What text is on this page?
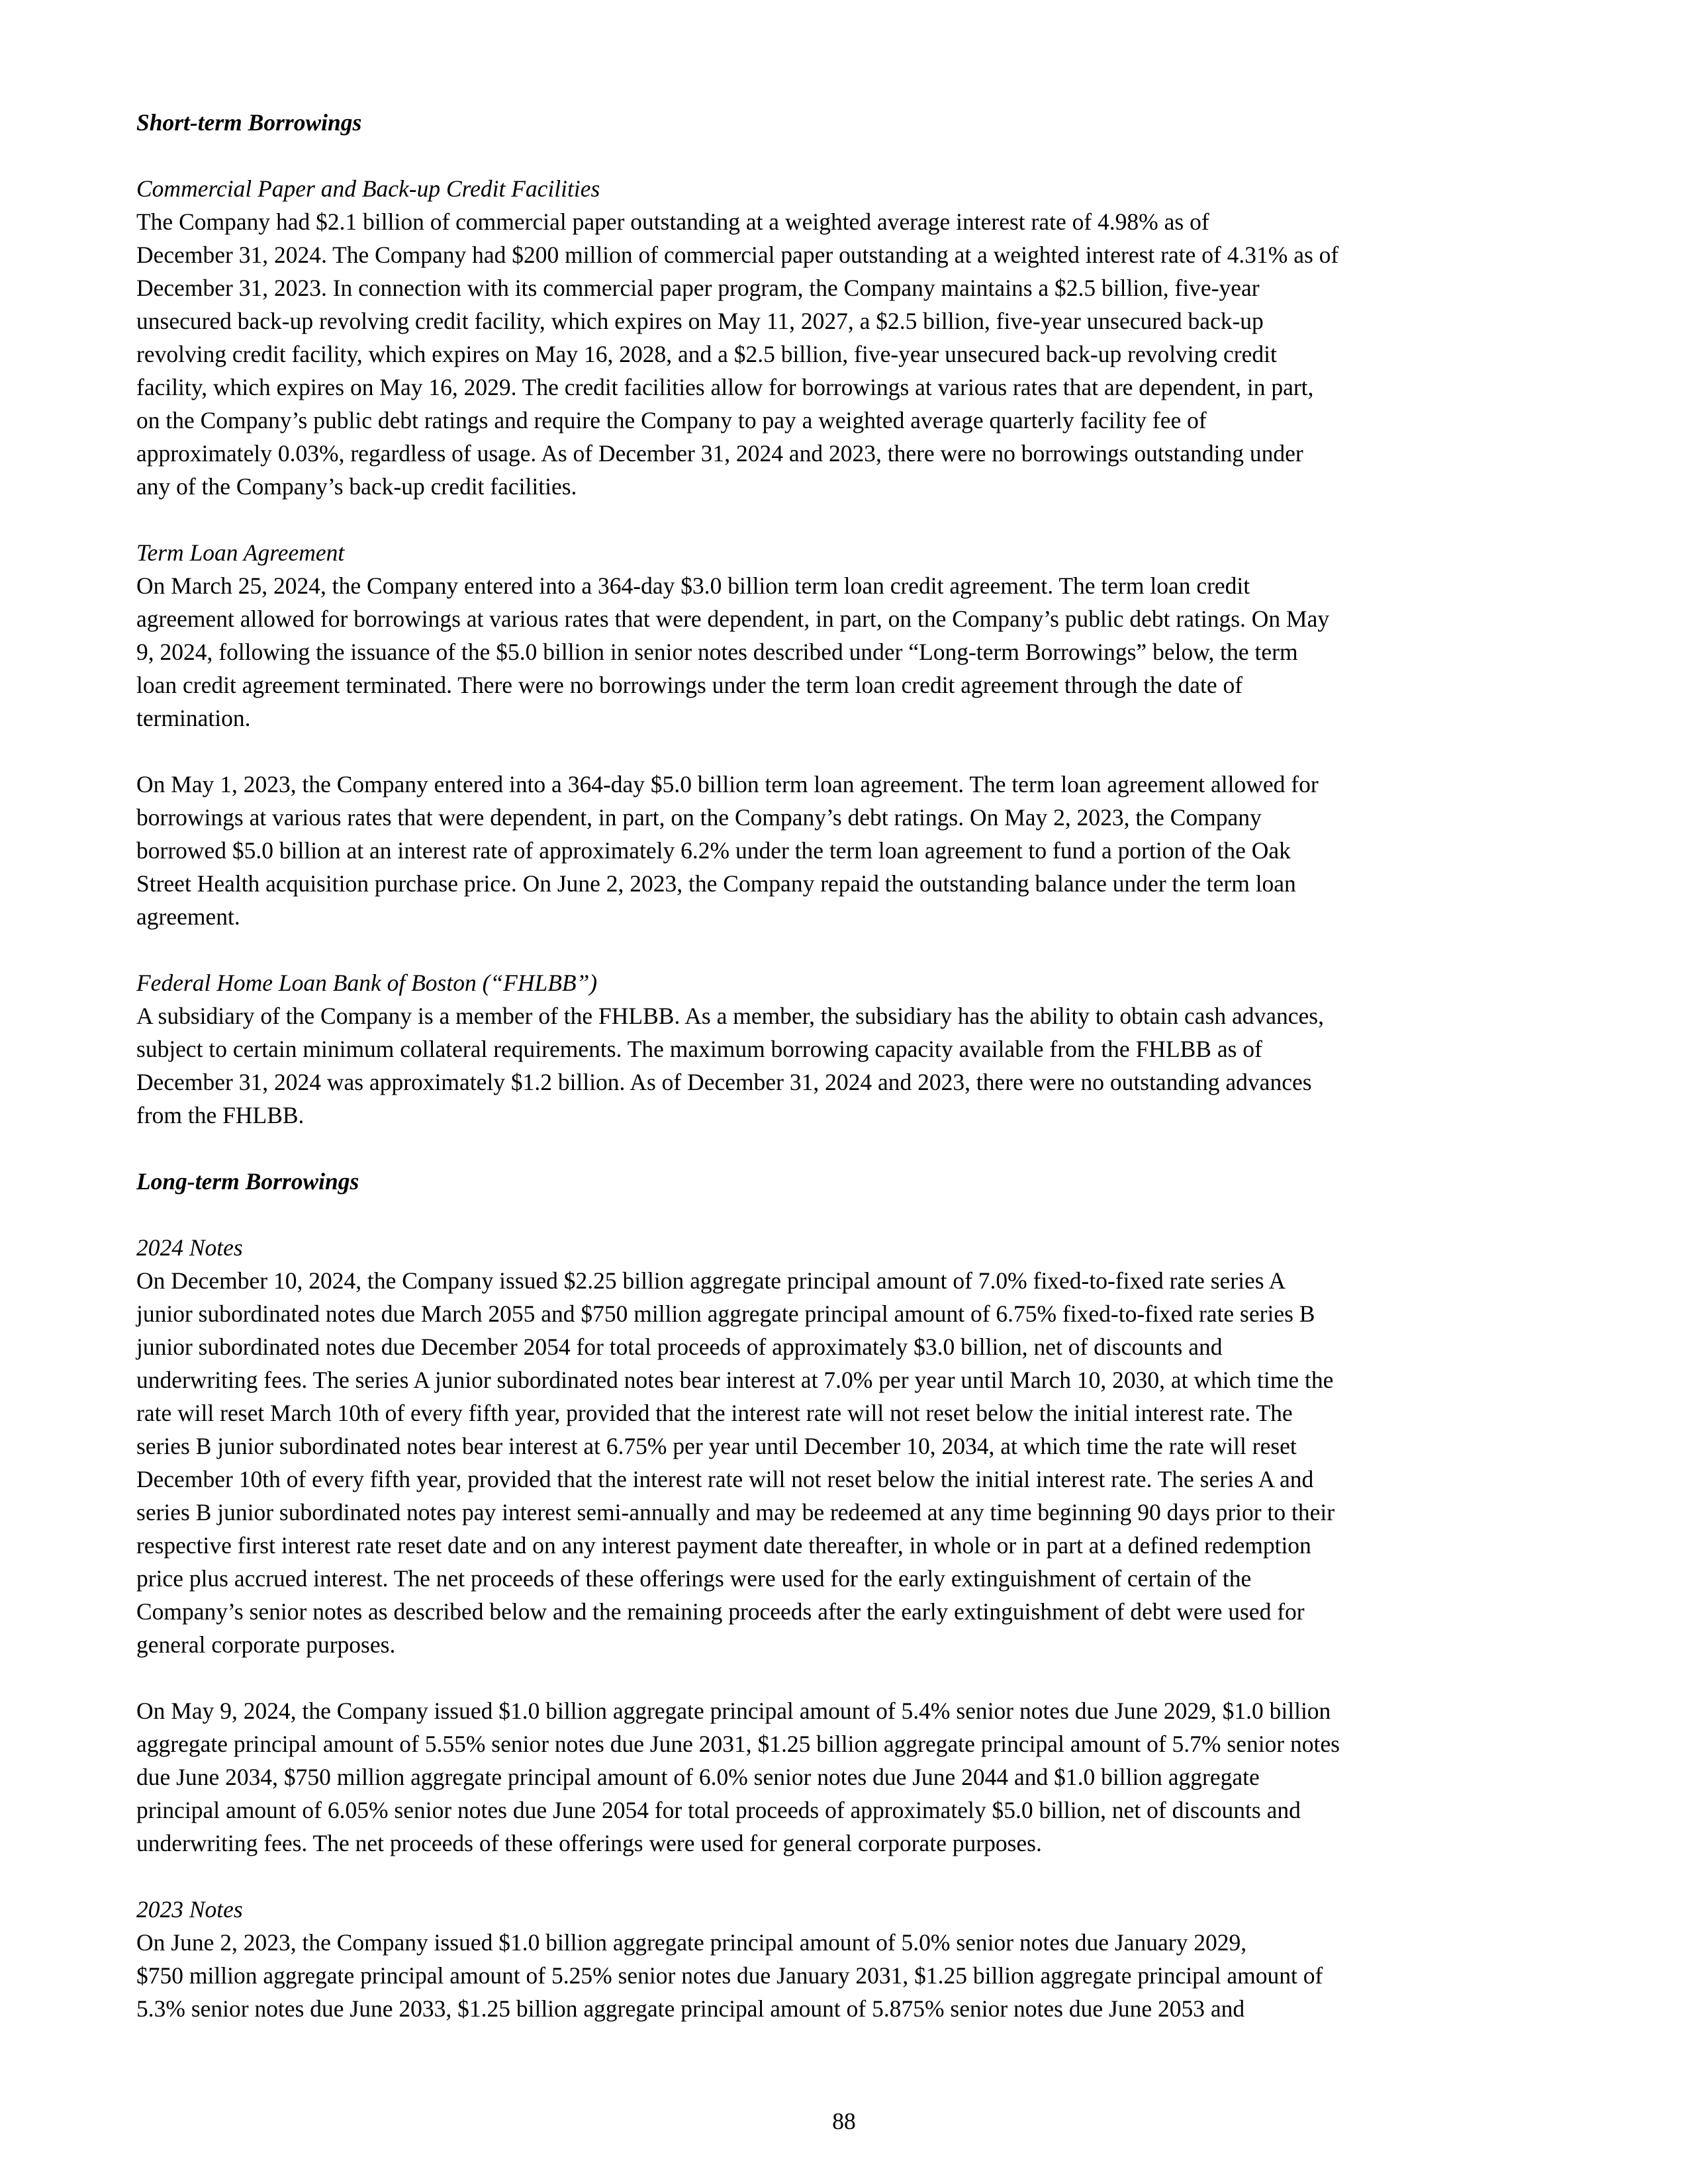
Short-term Borrowings

Commercial Paper and Back-up Credit Facilities

The Company had $2.1 billion of commercial paper outstanding at a weighted average interest rate of 4.98% as of
December 31, 2024. The Company had $200 million of commercial paper outstanding at a weighted interest rate of 4.31% as of
December 31, 2023. In connection with its commercial paper program, the Company maintains a $2.5 billion, five-year
unsecured back-up revolving credit facility, which expires on May 11, 2027, a $2.5 billion, five-year unsecured back-up
revolving credit facility, which expires on May 16, 2028, and a $2.5 billion, five-year unsecured back-up revolving credit
facility, which expires on May 16, 2029. The credit facilities allow for borrowings at various rates that are dependent, in part,
on the Company’s public debt ratings and require the Company to pay a weighted average quarterly facility fee of
approximately 0.03%, regardless of usage. As of December 31, 2024 and 2023, there were no borrowings outstanding under
any of the Company’s back-up credit facilities.

Term Loan Agreement

On March 25, 2024, the Company entered into a 364-day $3.0 billion term loan credit agreement. The term loan credit
agreement allowed for borrowings at various rates that were dependent, in part, on the Company’s public debt ratings. On May
9, 2024, following the issuance of the $5.0 billion in senior notes described under “Long-term Borrowings” below, the term
loan credit agreement terminated. There were no borrowings under the term loan credit agreement through the date of
termination.

On May 1, 2023, the Company entered into a 364-day $5.0 billion term loan agreement. The term loan agreement allowed for
borrowings at various rates that were dependent, in part, on the Company’s debt ratings. On May 2, 2023, the Company
borrowed $5.0 billion at an interest rate of approximately 6.2% under the term loan agreement to fund a portion of the Oak
Street Health acquisition purchase price. On June 2, 2023, the Company repaid the outstanding balance under the term loan
agreement.

Federal Home Loan Bank of Boston (“FHLBB”)

A subsidiary of the Company is a member of the FHLBB. As a member, the subsidiary has the ability to obtain cash advances,
subject to certain minimum collateral requirements. The maximum borrowing capacity available from the FHLBB as of
December 31, 2024 was approximately $1.2 billion. As of December 31, 2024 and 2023, there were no outstanding advances
from the FHLBB.

Long-term Borrowings

2024 Notes

On December 10, 2024, the Company issued $2.25 billion aggregate principal amount of 7.0% fixed-to-fixed rate series A
junior subordinated notes due March 2055 and $750 million aggregate principal amount of 6.75% fixed-to-fixed rate series B
junior subordinated notes due December 2054 for total proceeds of approximately $3.0 billion, net of discounts and
underwriting fees. The series A junior subordinated notes bear interest at 7.0% per year until March 10, 2030, at which time the
rate will reset March 10th of every fifth year, provided that the interest rate will not reset below the initial interest rate. The
series B junior subordinated notes bear interest at 6.75% per year until December 10, 2034, at which time the rate will reset
December 10th of every fifth year, provided that the interest rate will not reset below the initial interest rate. The series A and
series B junior subordinated notes pay interest semi-annually and may be redeemed at any time beginning 90 days prior to their
respective first interest rate reset date and on any interest payment date thereafter, in whole or in part at a defined redemption
price plus accrued interest. The net proceeds of these offerings were used for the early extinguishment of certain of the
Company’s senior notes as described below and the remaining proceeds after the early extinguishment of debt were used for
general corporate purposes.

On May 9, 2024, the Company issued $1.0 billion aggregate principal amount of 5.4% senior notes due June 2029, $1.0 billion
aggregate principal amount of 5.55% senior notes due June 2031, $1.25 billion aggregate principal amount of 5.7% senior notes
due June 2034, $750 million aggregate principal amount of 6.0% senior notes due June 2044 and $1.0 billion aggregate
principal amount of 6.05% senior notes due June 2054 for total proceeds of approximately $5.0 billion, net of discounts and
underwriting fees. The net proceeds of these offerings were used for general corporate purposes.

2023 Notes

On June 2, 2023, the Company issued $1.0 billion aggregate principal amount of 5.0% senior notes due January 2029,
$750 million aggregate principal amount of 5.25% senior notes due January 2031, $1.25 billion aggregate principal amount of
5.3% senior notes due June 2033, $1.25 billion aggregate principal amount of 5.875% senior notes due June 2053 and

88
